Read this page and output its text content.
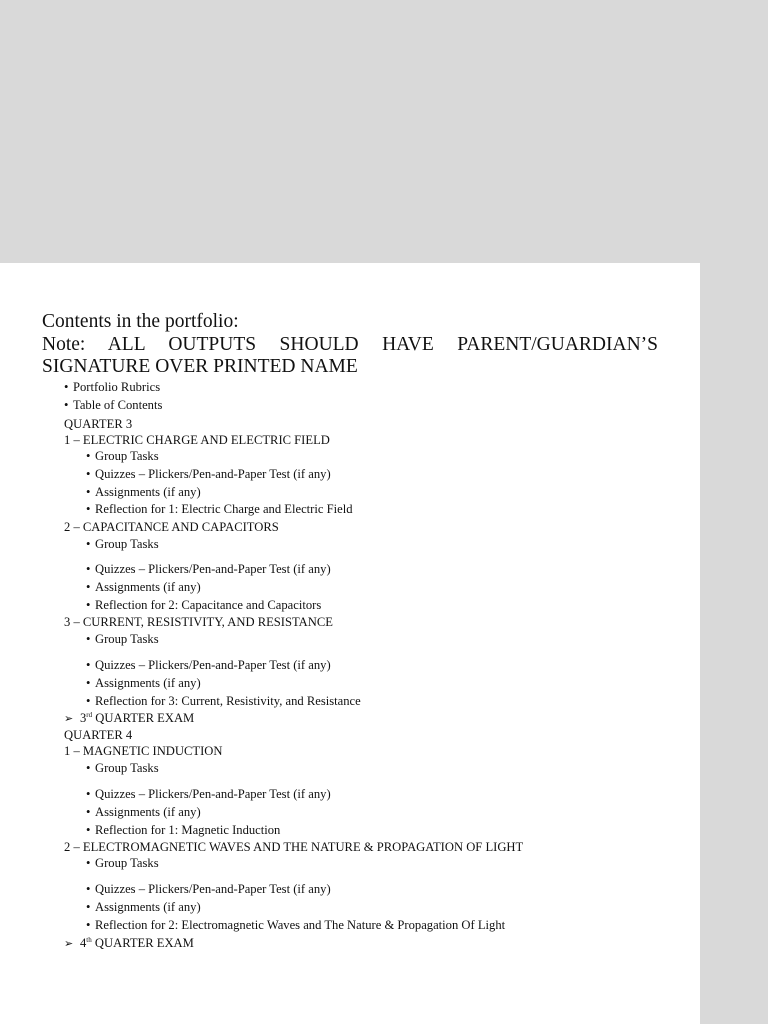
Contents in the portfolio:
Note: ALL OUTPUTS SHOULD HAVE PARENT/GUARDIAN’S
SIGNATURE OVER PRINTED NAME
• Portfolio Rubrics
• Table of Contents
QUARTER 3
1 – ELECTRIC CHARGE AND ELECTRIC FIELD
• Group Tasks
• Quizzes – Plickers/Pen-and-Paper Test (if any)
• Assignments (if any)
• Reflection for 1: Electric Charge and Electric Field
2 – CAPACITANCE AND CAPACITORS
• Group Tasks
• Quizzes – Plickers/Pen-and-Paper Test (if any)
• Assignments (if any)
• Reflection for 2: Capacitance and Capacitors
3 – CURRENT, RESISTIVITY, AND RESISTANCE
• Group Tasks
• Quizzes – Plickers/Pen-and-Paper Test (if any)
• Assignments (if any)
• Reflection for 3: Current, Resistivity, and Resistance
➢ 3rd QUARTER EXAM
QUARTER 4
1 – MAGNETIC INDUCTION
• Group Tasks
• Quizzes – Plickers/Pen-and-Paper Test (if any)
• Assignments (if any)
• Reflection for 1: Magnetic Induction
2 – ELECTROMAGNETIC WAVES AND THE NATURE & PROPAGATION OF LIGHT
• Group Tasks
• Quizzes – Plickers/Pen-and-Paper Test (if any)
• Assignments (if any)
• Reflection for 2: Electromagnetic Waves and The Nature & Propagation Of Light
➢ 4th QUARTER EXAM
